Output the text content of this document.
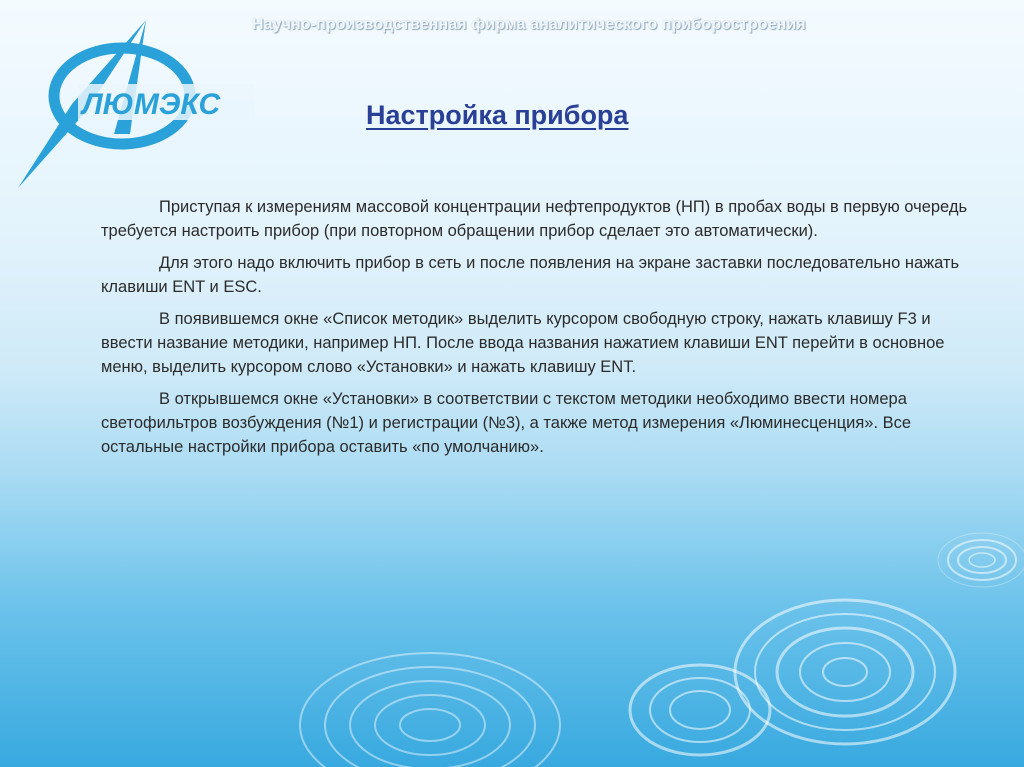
ЛЮМЭКС
Научно-производственная фирма аналитического приборостроения
Настройка прибора

Приступая к измерениям массовой концентрации нефтепродуктов (НП) в пробах воды в первую очередь требуется настроить прибор (при повторном обращении прибор сделает это автоматически).

Для этого надо включить прибор в сеть и после появления на экране заставки последовательно нажать клавиши ENT и ESC.

В появившемся окне «Список методик» выделить курсором свободную строку, нажать клавишу F3 и ввести название методики, например НП. После ввода названия нажатием клавиши ENT перейти в основное меню, выделить курсором слово «Установки» и нажать клавишу ENT.

В открывшемся окне «Установки» в соответствии с текстом методики необходимо ввести номера светофильтров возбуждения (№1) и регистрации (№3), а также метод измерения «Люминесценция». Все остальные настройки прибора оставить «по умолчанию».
